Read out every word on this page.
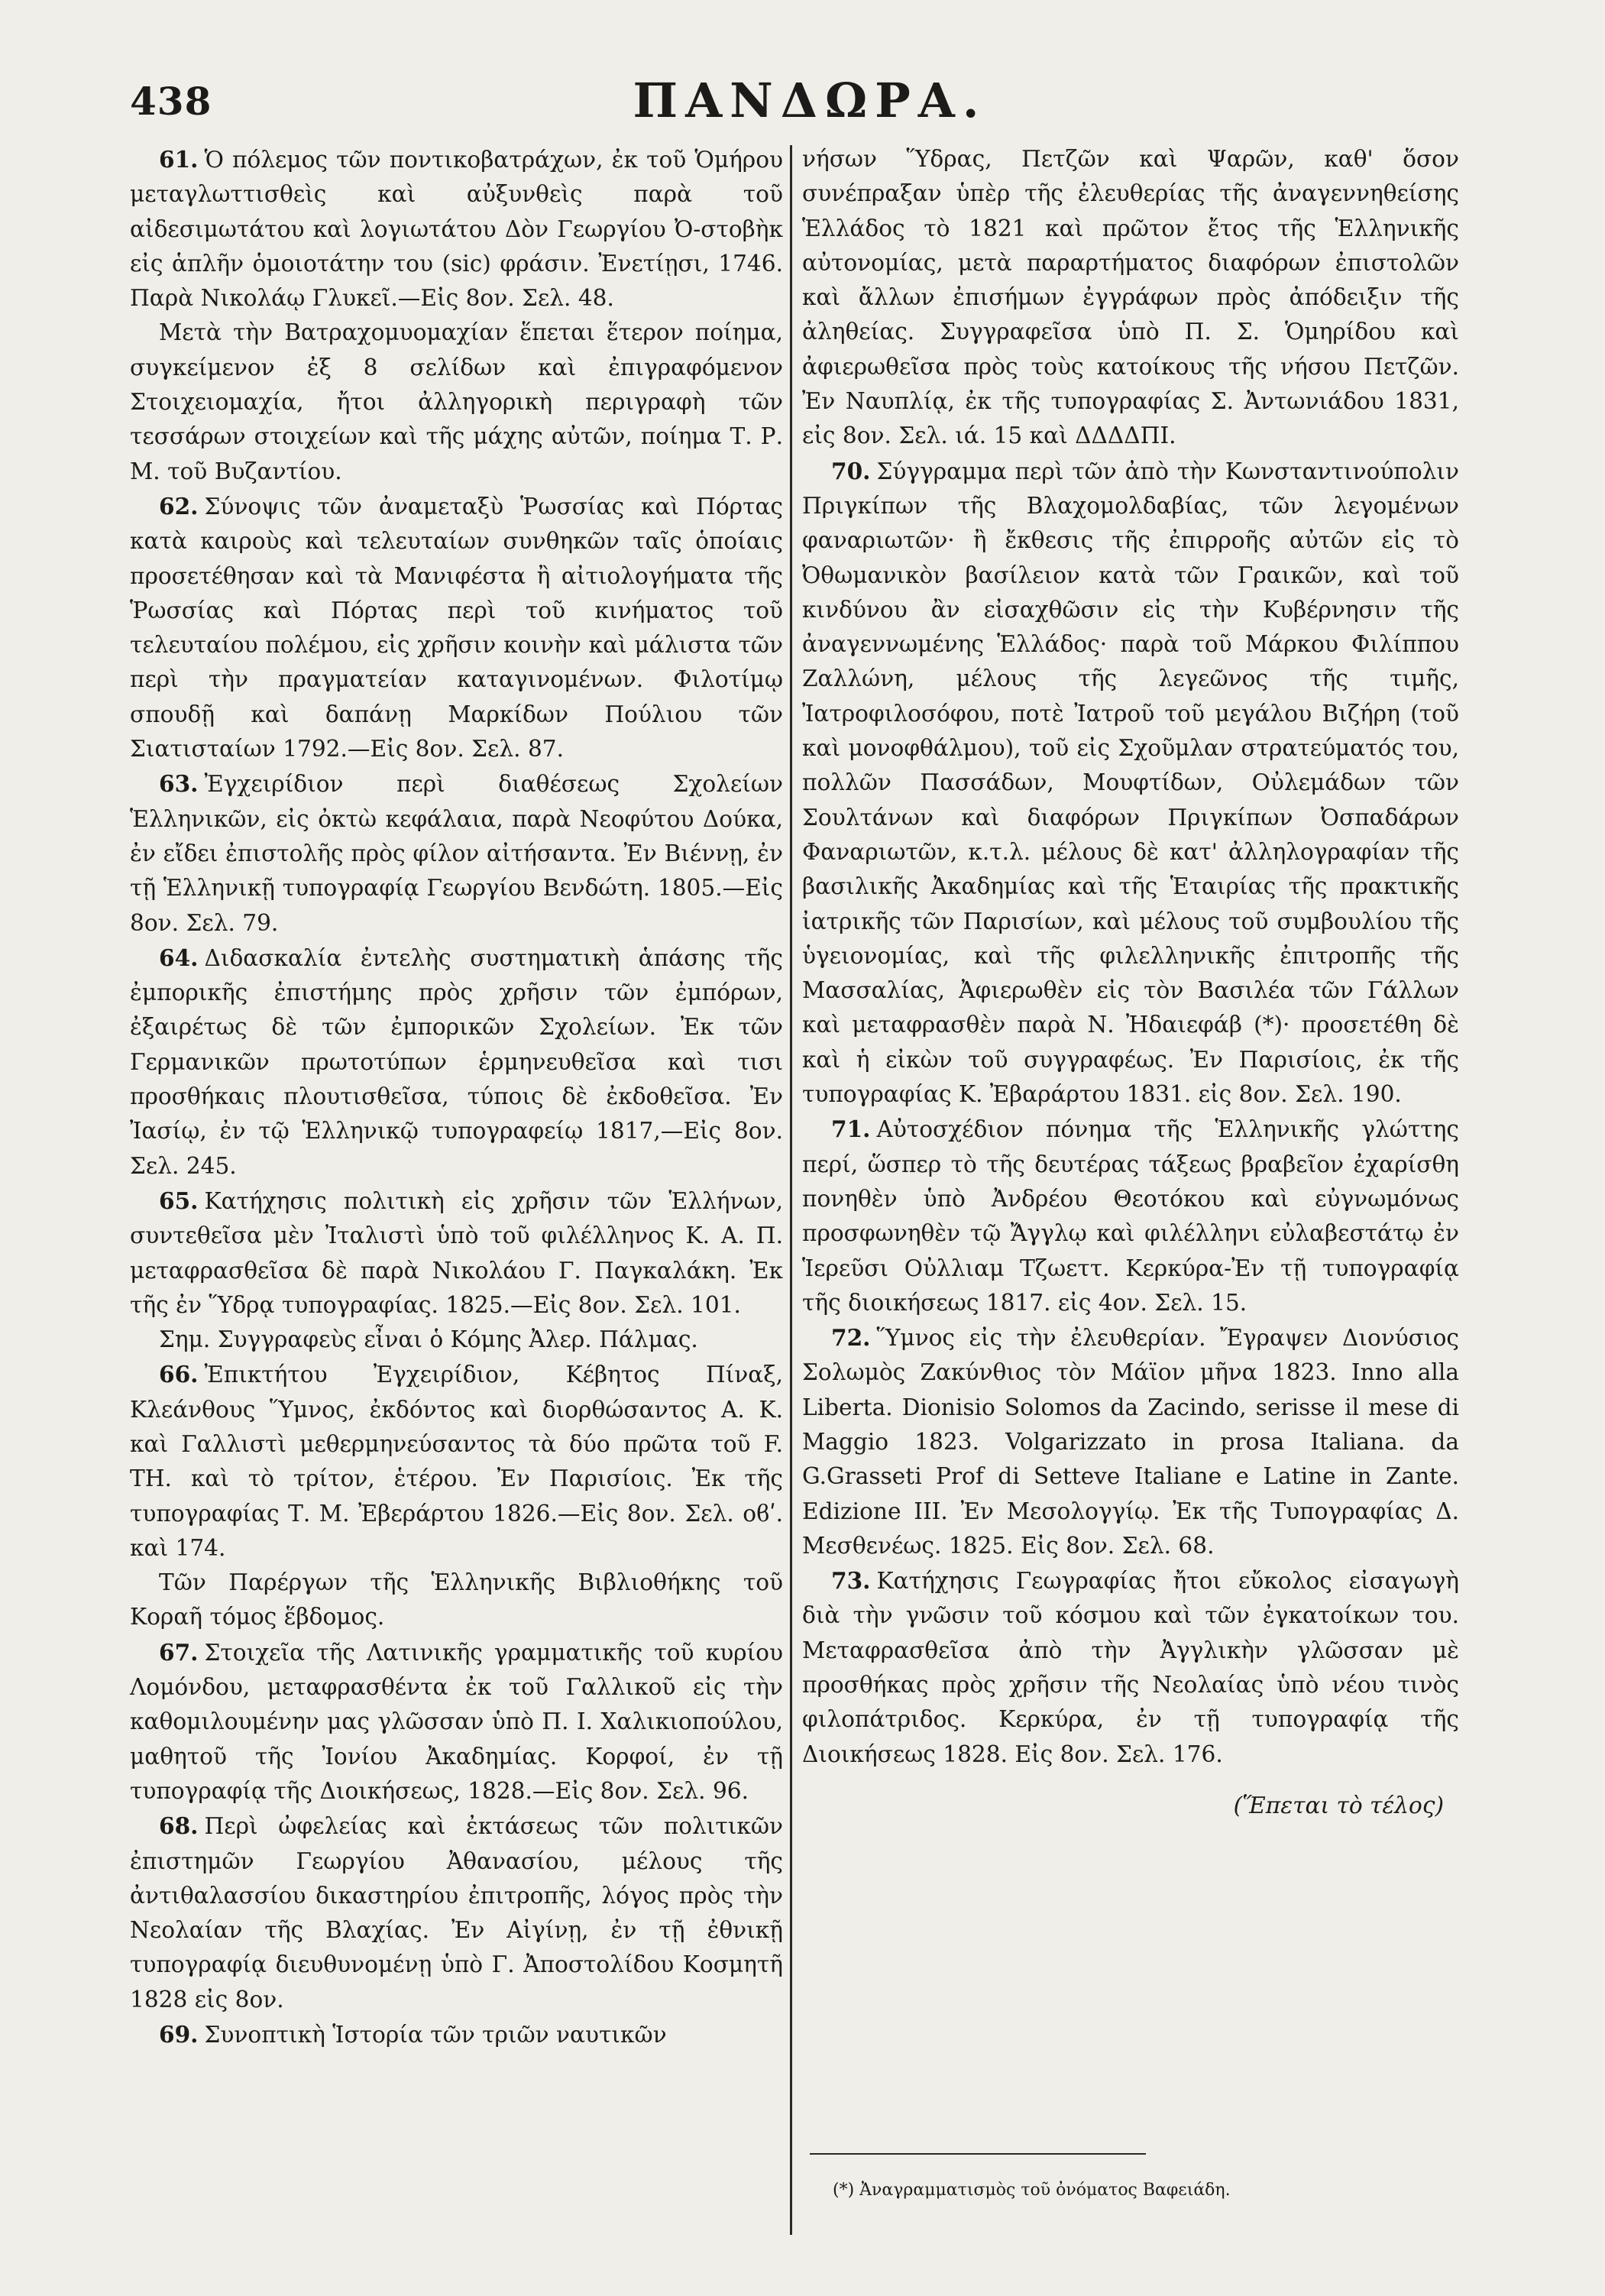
438	ΠΑΝΔΩΡΑ.

61. Ὁ πόλεμος τῶν ποντικοβατράχων, ἐκ τοῦ Ὁμήρου μεταγλωττισθεὶς καὶ αὐξυνθεὶς παρὰ τοῦ αἰδεσιμωτάτου καὶ λογιωτάτου Δὸν Γεωργίου Ὀ-στοβὴκ εἰς ἁπλῆν ὁμοιοτάτην του (sic) φράσιν. Ἐνετίῃσι, 1746. Παρὰ Νικολάῳ Γλυκεῖ.—Εἰς 8ον. Σελ. 48.

Μετὰ τὴν Βατραχομυομαχίαν ἕπεται ἕτερον ποίημα, συγκείμενον ἐξ 8 σελίδων καὶ ἐπιγραφόμενον Στοιχειομαχία, ἤτοι ἀλληγορικὴ περιγραφὴ τῶν τεσσάρων στοιχείων καὶ τῆς μάχης αὐτῶν, ποίημα Τ. Ρ. Μ. τοῦ Βυζαντίου.

62. Σύνοψις τῶν ἀναμεταξὺ Ῥωσσίας καὶ Πόρτας κατὰ καιροὺς καὶ τελευταίων συνθηκῶν ταῖς ὁποίαις προσετέθησαν καὶ τὰ Μανιφέστα ἢ αἰτιολογήματα τῆς Ῥωσσίας καὶ Πόρτας περὶ τοῦ κινήματος τοῦ τελευταίου πολέμου, εἰς χρῆσιν κοινὴν καὶ μάλιστα τῶν περὶ τὴν πραγματείαν καταγινομένων. Φιλοτίμῳ σπουδῇ καὶ δαπάνῃ Μαρκίδων Πούλιου τῶν Σιατισταίων 1792.—Εἰς 8ον. Σελ. 87.

63. Ἐγχειρίδιον περὶ διαθέσεως Σχολείων Ἑλληνικῶν, εἰς ὀκτὼ κεφάλαια, παρὰ Νεοφύτου Δούκα, ἐν εἴδει ἐπιστολῆς πρὸς φίλον αἰτήσαντα. Ἐν Βιέννῃ, ἐν τῇ Ἑλληνικῇ τυπογραφίᾳ Γεωργίου Βενδώτη. 1805.—Εἰς 8ον. Σελ. 79.

64. Διδασκαλία ἐντελὴς συστηματικὴ ἁπάσης τῆς ἐμπορικῆς ἐπιστήμης πρὸς χρῆσιν τῶν ἐμπόρων, ἐξαιρέτως δὲ τῶν ἐμπορικῶν Σχολείων. Ἐκ τῶν Γερμανικῶν πρωτοτύπων ἑρμηνευθεῖσα καὶ τισι προσθήκαις πλουτισθεῖσα, τύποις δὲ ἐκδοθεῖσα. Ἐν Ἰασίῳ, ἐν τῷ Ἑλληνικῷ τυπογραφείῳ 1817,—Εἰς 8ον. Σελ. 245.

65. Κατήχησις πολιτικὴ εἰς χρῆσιν τῶν Ἑλλήνων, συντεθεῖσα μὲν Ἰταλιστὶ ὑπὸ τοῦ φιλέλληνος Κ. Α. Π. μεταφρασθεῖσα δὲ παρὰ Νικολάου Γ. Παγκαλάκη. Ἐκ τῆς ἐν Ὕδρᾳ τυπογραφίας. 1825.—Εἰς 8ον. Σελ. 101.

Σημ. Συγγραφεὺς εἶναι ὁ Κόμης Ἀλερ. Πάλμας.

66. Ἐπικτήτου Ἐγχειρίδιον, Κέβητος Πίναξ, Κλεάνθους Ὕμνος, ἐκδόντος καὶ διορθώσαντος Α. Κ. καὶ Γαλλιστὶ μεθερμηνεύσαντος τὰ δύο πρῶτα τοῦ F. TH. καὶ τὸ τρίτον, ἑτέρου. Ἐν Παρισίοις. Ἐκ τῆς τυπογραφίας Τ. Μ. Ἐβεράρτου 1826.—Εἰς 8ον. Σελ. οϐʹ. καὶ 174.

Τῶν Παρέργων τῆς Ἑλληνικῆς Βιβλιοθήκης τοῦ Κοραῆ τόμος ἕβδομος.

67. Στοιχεῖα τῆς Λατινικῆς γραμματικῆς τοῦ κυρίου Λομόνδου, μεταφρασθέντα ἐκ τοῦ Γαλλικοῦ εἰς τὴν καθομιλουμένην μας γλῶσσαν ὑπὸ Π. Ι. Χαλικιοπούλου, μαθητοῦ τῆς Ἰονίου Ἀκαδημίας. Κορφοί, ἐν τῇ τυπογραφίᾳ τῆς Διοικήσεως, 1828.—Εἰς 8ον. Σελ. 96.

68. Περὶ ὠφελείας καὶ ἐκτάσεως τῶν πολιτικῶν ἐπιστημῶν Γεωργίου Ἀθανασίου, μέλους τῆς ἀντιθαλασσίου δικαστηρίου ἐπιτροπῆς, λόγος πρὸς τὴν Νεολαίαν τῆς Βλαχίας. Ἐν Αἰγίνῃ, ἐν τῇ ἐθνικῇ τυπογραφίᾳ διευθυνομένῃ ὑπὸ Γ. Ἀποστολίδου Κοσμητῆ 1828 εἰς 8ον.

69. Συνοπτικὴ Ἱστορία τῶν τριῶν ναυτικῶν

νήσων Ὕδρας, Πετζῶν καὶ Ψαρῶν, καθ' ὅσον συνέπραξαν ὑπὲρ τῆς ἐλευθερίας τῆς ἀναγεννηθείσης Ἑλλάδος τὸ 1821 καὶ πρῶτον ἔτος τῆς Ἑλληνικῆς αὐτονομίας, μετὰ παραρτήματος διαφόρων ἐπιστολῶν καὶ ἄλλων ἐπισήμων ἐγγράφων πρὸς ἀπόδειξιν τῆς ἀληθείας. Συγγραφεῖσα ὑπὸ Π. Σ. Ὁμηρίδου καὶ ἀφιερωθεῖσα πρὸς τοὺς κατοίκους τῆς νήσου Πετζῶν. Ἐν Ναυπλίᾳ, ἐκ τῆς τυπογραφίας Σ. Ἀντωνιάδου 1831, εἰς 8ον. Σελ. ιά. 15 καὶ ΔΔΔΔΠΙ.

70. Σύγγραμμα περὶ τῶν ἀπὸ τὴν Κωνσταντινούπολιν Πριγκίπων τῆς Βλαχομολδαβίας, τῶν λεγομένων φαναριωτῶν· ἢ ἔκθεσις τῆς ἐπιρροῆς αὐτῶν εἰς τὸ Ὀθωμανικὸν βασίλειον κατὰ τῶν Γραικῶν, καὶ τοῦ κινδύνου ἂν εἰσαχθῶσιν εἰς τὴν Κυβέρνησιν τῆς ἀναγεννωμένης Ἑλλάδος· παρὰ τοῦ Μάρκου Φιλίππου Ζαλλώνη, μέλους τῆς λεγεῶνος τῆς τιμῆς, Ἰατροφιλοσόφου, ποτὲ Ἰατροῦ τοῦ μεγάλου Βιζήρη (τοῦ καὶ μονοφθάλμου), τοῦ εἰς Σχοῦμλαν στρατεύματός του, πολλῶν Πασσάδων, Μουφτίδων, Οὐλεμάδων τῶν Σουλτάνων καὶ διαφόρων Πριγκίπων Ὀσπαδάρων Φαναριωτῶν, κ.τ.λ. μέλους δὲ κατ' ἀλληλογραφίαν τῆς βασιλικῆς Ἀκαδημίας καὶ τῆς Ἑταιρίας τῆς πρακτικῆς ἰατρικῆς τῶν Παρισίων, καὶ μέλους τοῦ συμβουλίου τῆς ὑγειονομίας, καὶ τῆς φιλελληνικῆς ἐπιτροπῆς τῆς Μασσαλίας, Ἀφιερωθὲν εἰς τὸν Βασιλέα τῶν Γάλλων καὶ μεταφρασθὲν παρὰ Ν. Ἠδαιεφάβ (*)· προσετέθη δὲ καὶ ἡ εἰκὼν τοῦ συγγραφέως. Ἐν Παρισίοις, ἐκ τῆς τυπογραφίας Κ. Ἐβαράρτου 1831. εἰς 8ον. Σελ. 190.

71. Αὐτοσχέδιον πόνημα τῆς Ἑλληνικῆς γλώττης περί, ὥσπερ τὸ τῆς δευτέρας τάξεως βραβεῖον ἐχαρίσθη πονηθὲν ὑπὸ Ἀνδρέου Θεοτόκου καὶ εὐγνωμόνως προσφωνηθὲν τῷ Ἄγγλῳ καὶ φιλέλληνι εὐλαβεστάτῳ ἐν Ἱερεῦσι Οὐλλιαμ Τζωεττ. Κερκύρα-Ἐν τῇ τυπογραφίᾳ τῆς διοικήσεως 1817. εἰς 4ον. Σελ. 15.

72. Ὕμνος εἰς τὴν ἐλευθερίαν. Ἔγραψεν Διονύσιος Σολωμὸς Ζακύνθιος τὸν Μάϊον μῆνα 1823. Inno alla Liberta. Dionisio Solomos da Zacindo, serisse il mese di Maggio 1823. Volgarizzato in prosa Italiana. da G.Grasseti Prof di Setteve Italiane e Latine in Zante. Edizione III. Ἐν Μεσολογγίῳ. Ἐκ τῆς Τυπογραφίας Δ. Μεσθενέως. 1825. Εἰς 8ον. Σελ. 68.

73. Κατήχησις Γεωγραφίας ἤτοι εὔκολος εἰσαγωγὴ διὰ τὴν γνῶσιν τοῦ κόσμου καὶ τῶν ἐγκατοίκων του. Μεταφρασθεῖσα ἀπὸ τὴν Ἀγγλικὴν γλῶσσαν μὲ προσθήκας πρὸς χρῆσιν τῆς Νεολαίας ὑπὸ νέου τινὸς φιλοπάτριδος. Κερκύρα, ἐν τῇ τυπογραφίᾳ τῆς Διοικήσεως 1828. Εἰς 8ον. Σελ. 176.

(Ἕπεται τὸ τέλος)

(*) Ἀναγραμματισμὸς τοῦ ὀνόματος Βαφειάδη.
